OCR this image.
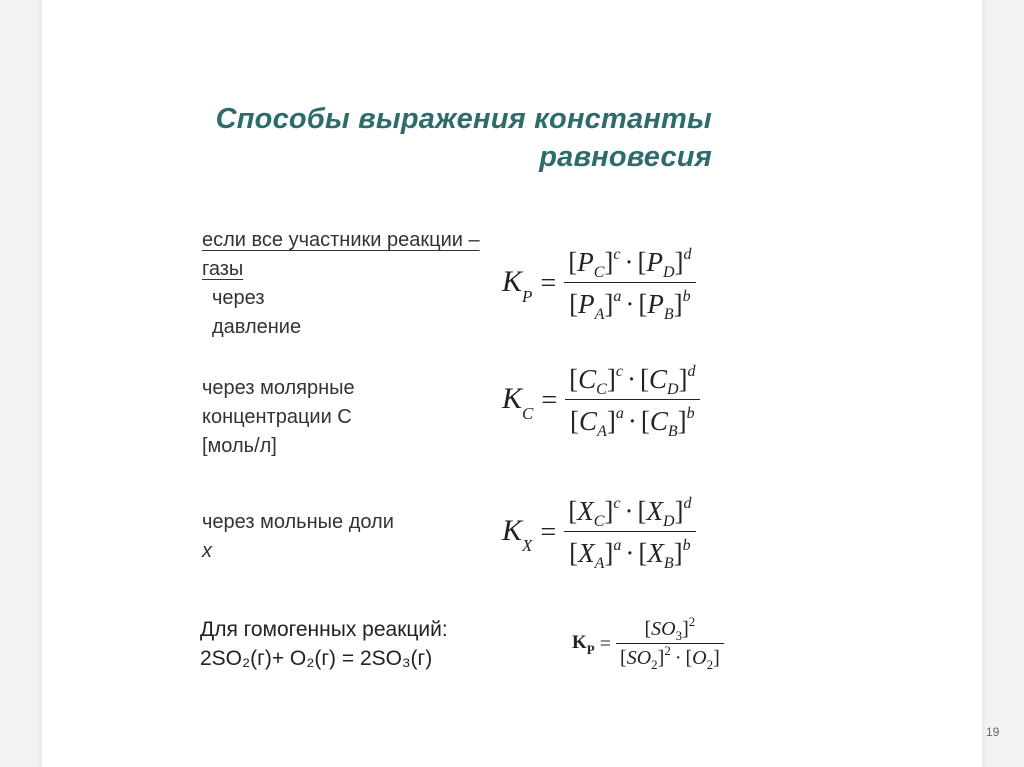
Способы выражения константы
равновесия
если все участники реакции –
газы
через
давление
$K_P = \frac{[P_C]^c \cdot [P_D]^d}{[P_A]^a \cdot [P_B]^b}$
через молярные
концентрации С
[моль/л]
$K_C = \frac{[C_C]^c \cdot [C_D]^d}{[C_A]^a \cdot [C_B]^b}$
через мольные доли
x
$K_X = \frac{[X_C]^c \cdot [X_D]^d}{[X_A]^a \cdot [X_B]^b}$
Для гомогенных реакций:
2SO₂(г)+ O₂(г) = 2SO₃(г)
$K_P = \frac{[SO_3]^2}{[SO_2]^2 \cdot [O_2]}$
19
